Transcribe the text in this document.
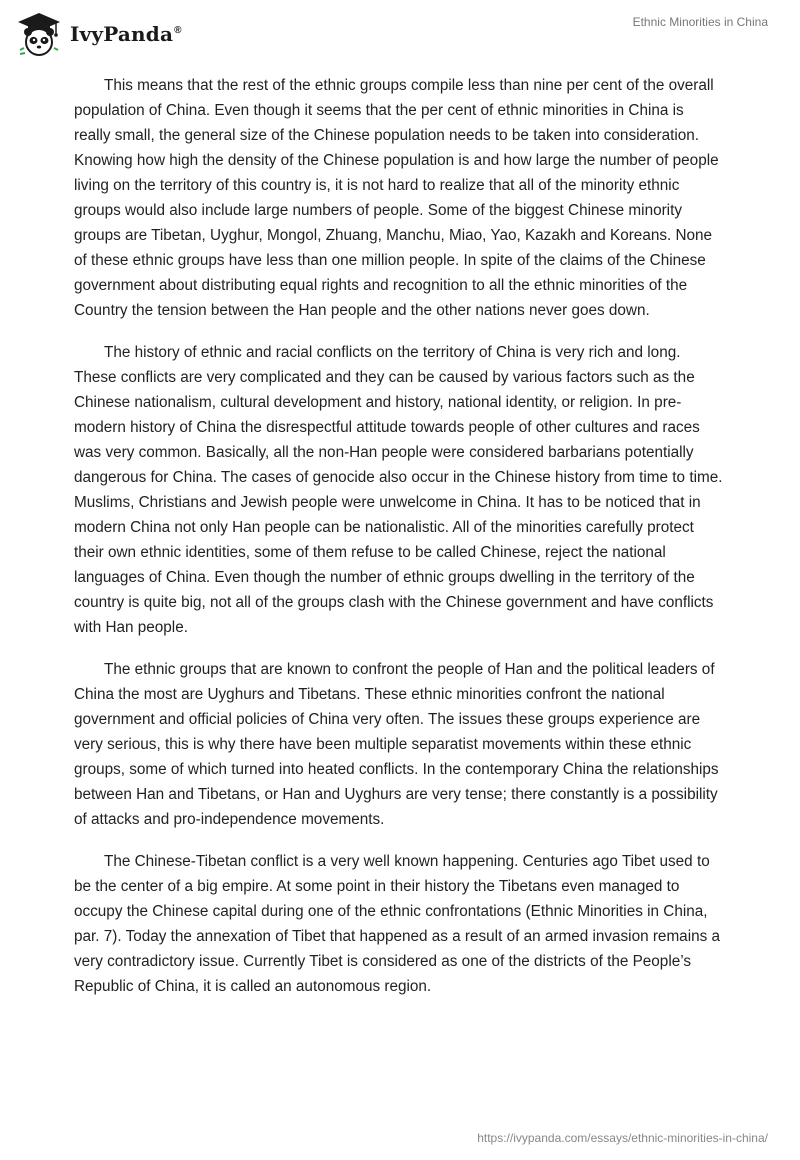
IvyPanda®
Ethnic Minorities in China

This means that the rest of the ethnic groups compile less than nine per cent of the overall population of China. Even though it seems that the per cent of ethnic minorities in China is really small, the general size of the Chinese population needs to be taken into consideration. Knowing how high the density of the Chinese population is and how large the number of people living on the territory of this country is, it is not hard to realize that all of the minority ethnic groups would also include large numbers of people. Some of the biggest Chinese minority groups are Tibetan, Uyghur, Mongol, Zhuang, Manchu, Miao, Yao, Kazakh and Koreans. None of these ethnic groups have less than one million people. In spite of the claims of the Chinese government about distributing equal rights and recognition to all the ethnic minorities of the Country the tension between the Han people and the other nations never goes down.

The history of ethnic and racial conflicts on the territory of China is very rich and long. These conflicts are very complicated and they can be caused by various factors such as the Chinese nationalism, cultural development and history, national identity, or religion. In pre-modern history of China the disrespectful attitude towards people of other cultures and races was very common. Basically, all the non-Han people were considered barbarians potentially dangerous for China. The cases of genocide also occur in the Chinese history from time to time. Muslims, Christians and Jewish people were unwelcome in China. It has to be noticed that in modern China not only Han people can be nationalistic. All of the minorities carefully protect their own ethnic identities, some of them refuse to be called Chinese, reject the national languages of China. Even though the number of ethnic groups dwelling in the territory of the country is quite big, not all of the groups clash with the Chinese government and have conflicts with Han people.

The ethnic groups that are known to confront the people of Han and the political leaders of China the most are Uyghurs and Tibetans. These ethnic minorities confront the national government and official policies of China very often. The issues these groups experience are very serious, this is why there have been multiple separatist movements within these ethnic groups, some of which turned into heated conflicts. In the contemporary China the relationships between Han and Tibetans, or Han and Uyghurs are very tense; there constantly is a possibility of attacks and pro-independence movements.

The Chinese-Tibetan conflict is a very well known happening. Centuries ago Tibet used to be the center of a big empire. At some point in their history the Tibetans even managed to occupy the Chinese capital during one of the ethnic confrontations (Ethnic Minorities in China, par. 7). Today the annexation of Tibet that happened as a result of an armed invasion remains a very contradictory issue. Currently Tibet is considered as one of the districts of the People’s Republic of China, it is called an autonomous region.

https://ivypanda.com/essays/ethnic-minorities-in-china/
